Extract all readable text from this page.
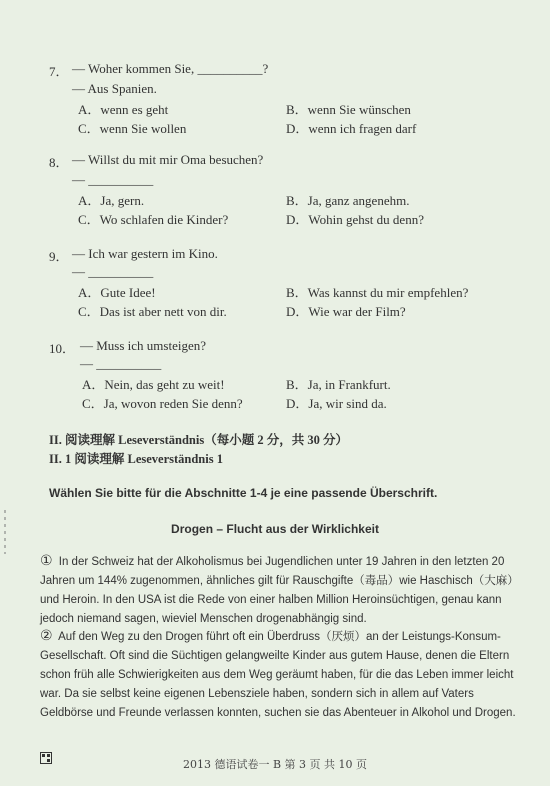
7． — Woher kommen Sie, __________?
— Aus Spanien.
A．wenn es geht	B．wenn Sie wünschen
C．wenn Sie wollen	D．wenn ich fragen darf
8． — Willst du mit mir Oma besuchen?
— __________
A．Ja, gern.	B．Ja, ganz angenehm.
C．Wo schlafen die Kinder?	D．Wohin gehst du denn?
9． — Ich war gestern im Kino.
— __________
A．Gute Idee!	B．Was kannst du mir empfehlen?
C．Das ist aber nett von dir.	D．Wie war der Film?
10． — Muss ich umsteigen?
— __________
A．Nein, das geht zu weit!	B．Ja, in Frankfurt.
C．Ja, wovon reden Sie denn?	D．Ja, wir sind da.
II. 阅读理解 Leseverständnis（每小题 2 分，共 30 分）
II. 1 阅读理解 Leseverständnis 1
Wählen Sie bitte für die Abschnitte 1-4 je eine passende Überschrift.
Drogen – Flucht aus der Wirklichkeit
① In der Schweiz hat der Alkoholismus bei Jugendlichen unter 19 Jahren in den letzten 20 Jahren um 144% zugenommen, ähnliches gilt für Rauschgifte（毒品）wie Haschisch（大麻）und Heroin. In den USA ist die Rede von einer halben Million Heroinsüchtigen, genau kann jedoch niemand sagen, wieviel Menschen drogenabhängig sind.
② Auf den Weg zu den Drogen führt oft ein Überdruss（厌烦）an der Leistungs-Konsum-Gesellschaft. Oft sind die Süchtigen gelangweilte Kinder aus gutem Hause, denen die Eltern schon früh alle Schwierigkeiten aus dem Weg geräumt haben, für die das Leben immer leicht war. Da sie selbst keine eigenen Lebensziele haben, sondern sich in allem auf Vaters Geldbörse und Freunde verlassen konnten, suchen sie das Abenteuer in Alkohol und Drogen.
2013 德语试卷一 B 第 3 页 共 10 页
